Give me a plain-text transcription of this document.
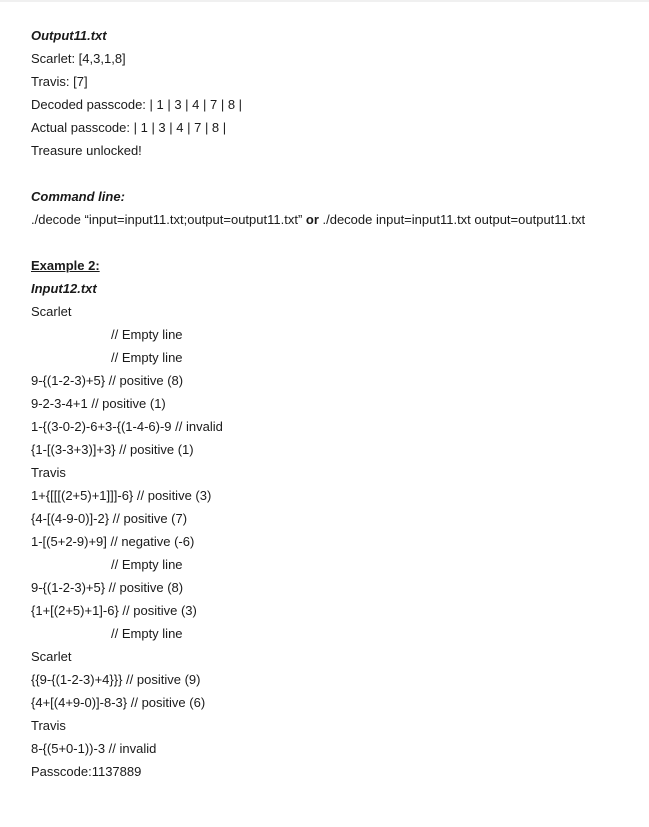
Output11.txt
Scarlet: [4,3,1,8]
Travis: [7]
Decoded passcode: | 1 | 3 | 4 | 7 | 8 |
Actual passcode: | 1 | 3 | 4 | 7 | 8 |
Treasure unlocked!
Command line:
./decode “input=input11.txt;output=output11.txt” or ./decode input=input11.txt output=output11.txt
Example 2:
Input12.txt
Scarlet
// Empty line
// Empty line
9-{(1-2-3)+5} // positive (8)
9-2-3-4+1 // positive (1)
1-{(3-0-2)-6+3-{(1-4-6)-9 // invalid
{1-[(3-3+3)]+3} // positive (1)
Travis
1+{[[[(2+5)+1]]]-6} // positive (3)
{4-[(4-9-0)]-2} // positive (7)
1-[(5+2-9)+9] // negative (-6)
// Empty line
9-{(1-2-3)+5} // positive (8)
{1+[(2+5)+1]-6} // positive (3)
// Empty line
Scarlet
{{9-{(1-2-3)+4}}} // positive (9)
{4+[(4+9-0)]-8-3} // positive (6)
Travis
8-{(5+0-1))-3 // invalid
Passcode:1137889
